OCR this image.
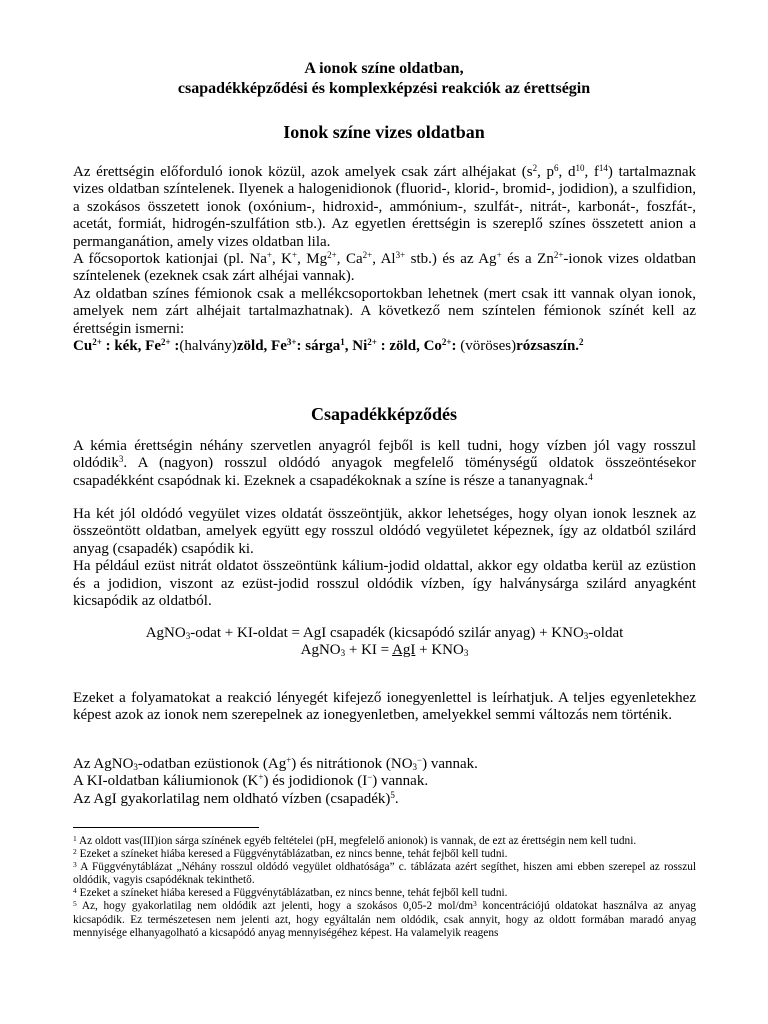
A ionok színe oldatban,
csapadékképződési és komplexképzési reakciók az érettségin
Ionok színe vizes oldatban

Az érettségin előforduló ionok közül, azok amelyek csak zárt alhéjakat ($s^2$, $p^6$, $d^{10}$, $f^{14}$) tartalmaznak vizes oldatban színtelenek. Ilyenek a halogenidionok (fluorid-, klorid-, bromid-, jodidion), a szulfidion, a szokásos összetett ionok (oxónium-, hidroxid-, ammónium-, szulfát-, nitrát-, karbonát-, foszfát-, acetát, formiát, hidrogén-szulfátion stb.). Az egyetlen érettségin is szereplő színes összetett anion a permanganátion, amely vizes oldatban lila.

A főcsoportok kationjai (pl. Na+, K+, $Mg^{2+}$, $Ca^{2+}$, $Al^{3+}$ stb.) és az Ag+ és a $Zn^{2+}$-ionok vizes oldatban színtelenek (ezeknek csak zárt alhéjai vannak).

Az oldatban színes fémionok csak a mellékcsoportokban lehetnek (mert csak itt vannak olyan ionok, amelyek nem zárt alhéjait tartalmazhatnak). A következő nem színtelen fémionok színét kell az érettségin ismerni:

$Cu^{2+}$ : kék, $Fe^{2+}$ :(halvány)zöld, $Fe^{3+}$: sárga$^1$, $Ni^{2+}$ : zöld, $Co^{2+}$: (vöröses)rózsaszín.$^2$

Csapadékképződés

A kémia érettségin néhány szervetlen anyagról fejből is kell tudni, hogy vízben jól vagy rosszul oldódik$^3$. A (nagyon) rosszul oldódó anyagok megfelelő töménységű oldatok összeöntésekor csapadékként csapódnak ki. Ezeknek a csapadékoknak a színe is része a tananyagnak.$^4$

Ha két jól oldódó vegyület vizes oldatát összeöntjük, akkor lehetséges, hogy olyan ionok lesznek az összeöntött oldatban, amelyek együtt egy rosszul oldódó vegyületet képeznek, így az oldatból szilárd anyag (csapadék) csapódik ki.

Ha például ezüst nitrát oldatot összeöntünk kálium-jodid oldattal, akkor egy oldatba kerül az ezüstion és a jodidion, viszont az ezüst-jodid rosszul oldódik vízben, így halványsárga szilárd anyagként kicsapódik az oldatból.

AgNO$_3$-odat + KI-oldat = AgI csapadék (kicsapódó szilár anyag) + $KNO_3$-oldat

AgNO$_3$ + KI = AgI + $KNO_3$

Ezeket a folyamatokat a reakció lényegét kifejező ionegyenlettel is leírhatjuk. A teljes egyenletekhez képest azok az ionok nem szerepelnek az ionegyenletben, amelyekkel semmi változás nem történik.

Az AgNO$_3$-odatban ezüstionok (Ag+) és nitrátionok $(NO_3^-)$ vannak.

A KI-oldatban káliumionok (K+) és jodidionok (I−) vannak.

Az AgI gyakorlatilag nem oldható vízben (csapadék)$^5$.

$^1$ Az oldott vas(III)ion sárga színének egyéb feltételei (pH, megfelelő anionok) is vannak, de ezt az érettségin nem kell tudni.

$^2$ Ezeket a színeket hiába keresed a Függvénytáblázatban, ez nincs benne, tehát fejből kell tudni.

$^3$ A Függvénytáblázat „Néhány rosszul oldódó vegyület oldhatósága” c. táblázata azért segíthet, hiszen ami ebben szerepel az rosszul oldódik, vagyis csapódéknak tekinthető.

$^4$ Ezeket a színeket hiába keresed a Függvénytáblázatban, ez nincs benne, tehát fejből kell tudni.

$^5$ Az, hogy gyakorlatilag nem oldódik azt jelenti, hogy a szokásos 0,05-2 mol/$dm^3$ koncentrációjú oldatokat használva az anyag kicsapódik. Ez természetesen nem jelenti azt, hogy egyáltalán nem oldódik, csak annyit, hogy az oldott formában maradó anyag mennyisége elhanyagolható a kicsapódó anyag mennyiségéhez képest. Ha valamelyik reagens
